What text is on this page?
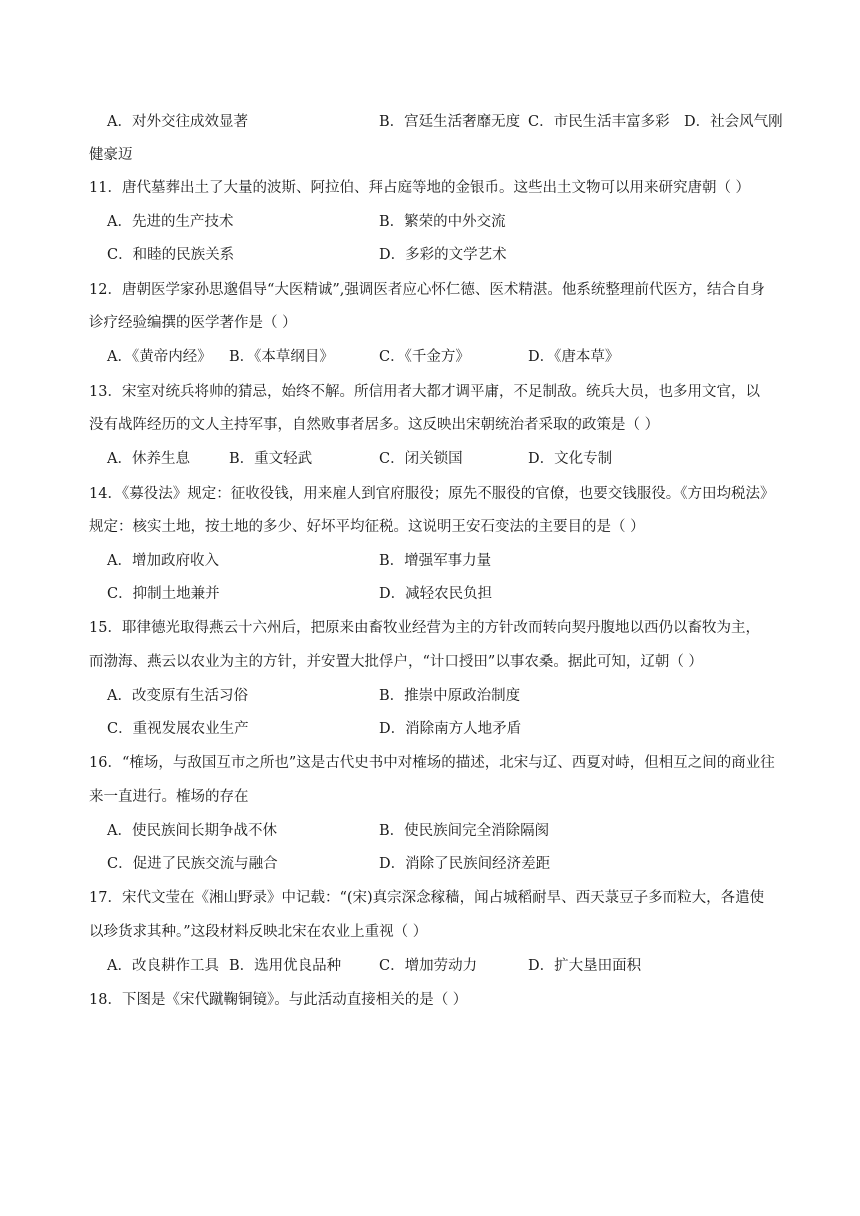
A．对外交往成效显著	B．宫廷生活奢靡无度 C．市民生活丰富多彩 D．社会风气刚
健豪迈
11．唐代墓葬出土了大量的波斯、阿拉伯、拜占庭等地的金银币。这些出土文物可以用来研究唐朝（ ）
A．先进的生产技术	B．繁荣的中外交流
C．和睦的民族关系	D．多彩的文学艺术
12．唐朝医学家孙思邈倡导“大医精诚”,强调医者应心怀仁德、医术精湛。他系统整理前代医方，结合自身
诊疗经验编撰的医学著作是（ ）
A．《黄帝内经》 B．《本草纲目》	C．《千金方》	D．《唐本草》
13．宋室对统兵将帅的猜忌，始终不解。所信用者大都才调平庸，不足制敌。统兵大员，也多用文官，以
没有战阵经历的文人主持军事，自然败事者居多。这反映出宋朝统治者采取的政策是（ ）
A．休养生息	B．重文轻武	C．闭关锁国	D．文化专制
14．《募役法》规定：征收役钱，用来雇人到官府服役；原先不服役的官僚，也要交钱服役。《方田均税法》
规定：核实土地，按土地的多少、好坏平均征税。这说明王安石变法的主要目的是（ ）
A．增加政府收入	B．增强军事力量
C．抑制土地兼并	D．减轻农民负担
15．耶律德光取得燕云十六州后，把原来由畜牧业经营为主的方针改而转向契丹腹地以西仍以畜牧为主，
而渤海、燕云以农业为主的方针，并安置大批俘户，“计口授田”以事农桑。据此可知，辽朝（ ）
A．改变原有生活习俗	B．推崇中原政治制度
C．重视发展农业生产	D．消除南方人地矛盾
16．“榷场，与敌国互市之所也”这是古代史书中对榷场的描述，北宋与辽、西夏对峙，但相互之间的商业往
来一直进行。榷场的存在
A．使民族间长期争战不休	B．使民族间完全消除隔阂
C．促进了民族交流与融合	D．消除了民族间经济差距
17．宋代文莹在《湘山野录》中记载：“(宋)真宗深念稼穑，闻占城稻耐旱、西天菉豆子多而粒大，各遣使
以珍货求其种。”这段材料反映北宋在农业上重视（ ）
A．改良耕作工具 B．选用优良品种	C．增加劳动力	D．扩大垦田面积
18．下图是《宋代蹴鞠铜镜》。与此活动直接相关的是（ ）
